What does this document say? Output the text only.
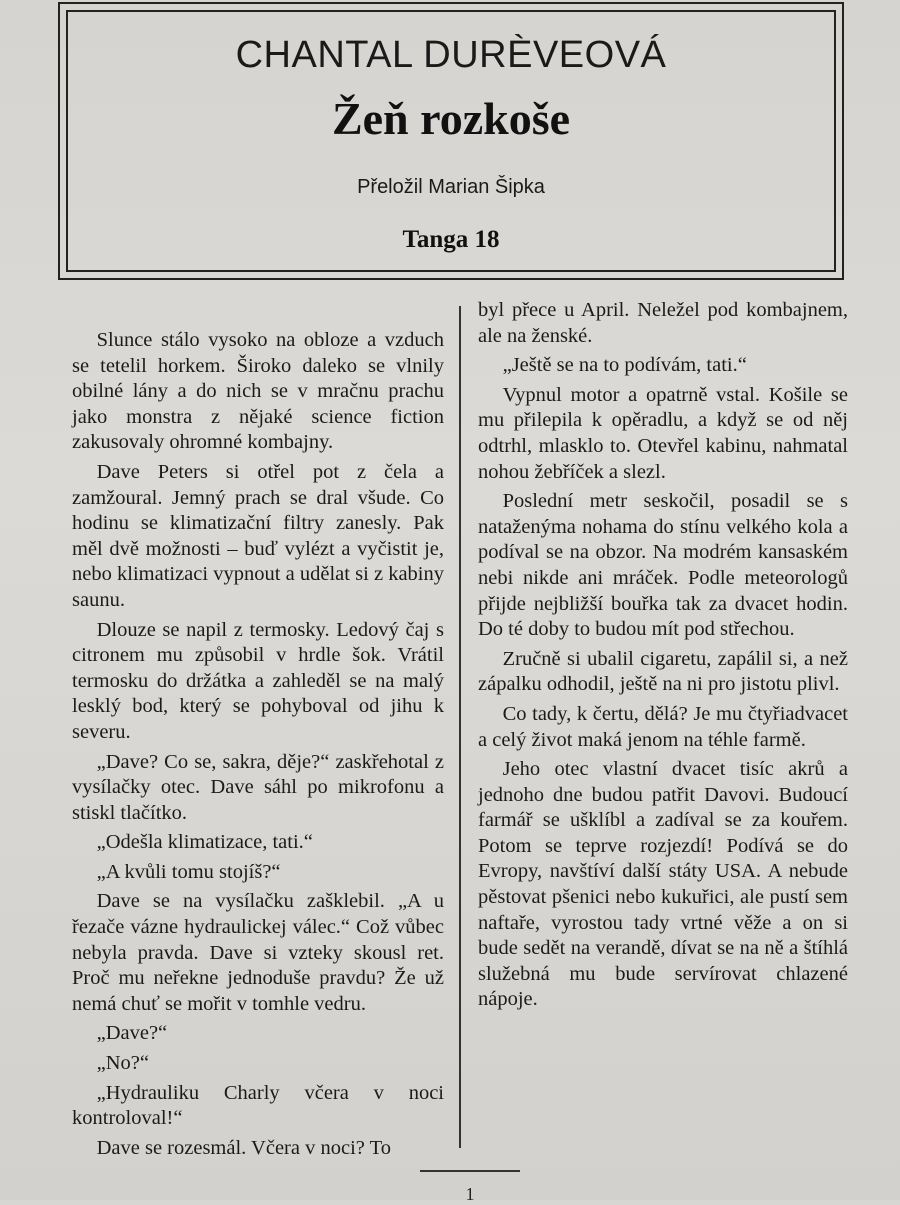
CHANTAL DURÈVEOVÁ
Žeň rozkoše
Přeložil Marian Šipka
Tanga 18

Slunce stálo vysoko na obloze a vzduch se tetelil horkem. Široko daleko se vlnily obilné lány a do nich se v mračnu prachu jako monstra z nějaké science fiction zakusovaly ohromné kombajny.

Dave Peters si otřel pot z čela a zamžoural. Jemný prach se dral všude. Co hodinu se klimatizační filtry zanesly. Pak měl dvě možnosti – buď vylézt a vyčistit je, nebo klimatizaci vypnout a udělat si z kabiny saunu.

Dlouze se napil z termosky. Ledový čaj s citronem mu způsobil v hrdle šok. Vrátil termosku do držátka a zahleděl se na malý lesklý bod, který se pohyboval od jihu k severu.

„Dave? Co se, sakra, děje?“ zaskřehotal z vysílačky otec. Dave sáhl po mikrofonu a stiskl tlačítko.

„Odešla klimatizace, tati.“

„A kvůli tomu stojíš?“

Dave se na vysílačku zašklebil. „A u řezače vázne hydraulickej válec.“ Což vůbec nebyla pravda. Dave si vzteky skousl ret. Proč mu neřekne jednoduše pravdu? Že už nemá chuť se mořit v tomhle vedru.

„Dave?“

„No?“

„Hydrauliku Charly včera v noci kontroloval!“

Dave se rozesmál. Včera v noci? To

byl přece u April. Neležel pod kombajnem, ale na ženské.

„Ještě se na to podívám, tati.“

Vypnul motor a opatrně vstal. Košile se mu přilepila k opěradlu, a když se od něj odtrhl, mlasklo to. Otevřel kabinu, nahmatal nohou žebříček a slezl.

Poslední metr seskočil, posadil se s nataženýma nohama do stínu velkého kola a podíval se na obzor. Na modrém kansaském nebi nikde ani mráček. Podle meteorologů přijde nejbližší bouřka tak za dvacet hodin. Do té doby to budou mít pod střechou.

Zručně si ubalil cigaretu, zapálil si, a než zápalku odhodil, ještě na ni pro jistotu plivl.

Co tady, k čertu, dělá? Je mu čtyřiadvacet a celý život maká jenom na téhle farmě.

Jeho otec vlastní dvacet tisíc akrů a jednoho dne budou patřit Davovi. Budoucí farmář se ušklíbl a zadíval se za kouřem. Potom se teprve rozjezdí! Podívá se do Evropy, navštíví další státy USA. A nebude pěstovat pšenici nebo kukuřici, ale pustí sem naftaře, vyrostou tady vrtné věže a on si bude sedět na verandě, dívat se na ně a štíhlá služebná mu bude servírovat chlazené nápoje.

1
